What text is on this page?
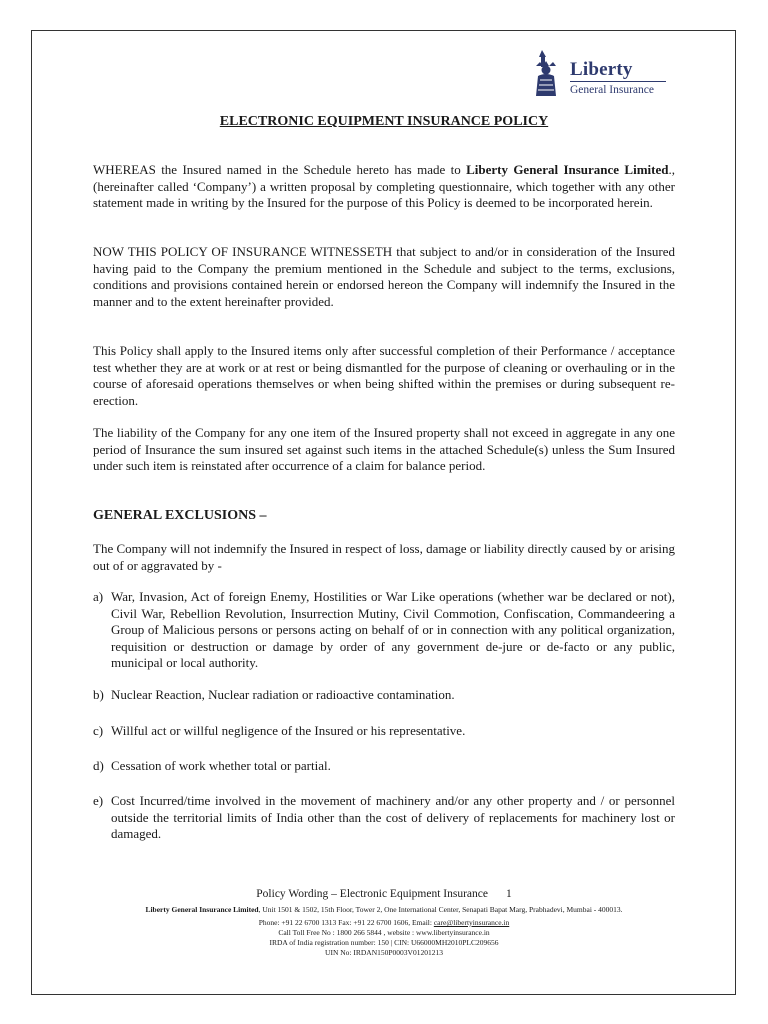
Liberty
General Insurance
ELECTRONIC EQUIPMENT INSURANCE POLICY

WHEREAS the Insured named in the Schedule hereto has made to Liberty General Insurance Limited., (hereinafter called ‘Company’) a written proposal by completing questionnaire, which together with any other statement made in writing by the Insured for the purpose of this Policy is deemed to be incorporated herein.

NOW THIS POLICY OF INSURANCE WITNESSETH that subject to and/or in consideration of the Insured having paid to the Company the premium mentioned in the Schedule and subject to the terms, exclusions, conditions and provisions contained herein or endorsed hereon the Company will indemnify the Insured in the manner and to the extent hereinafter provided.

This Policy shall apply to the Insured items only after successful completion of their Performance / acceptance test whether they are at work or at rest or being dismantled for the purpose of cleaning or overhauling or in the course of aforesaid operations themselves or when being shifted within the premises or during subsequent re-erection.

The liability of the Company for any one item of the Insured property shall not exceed in aggregate in any one period of Insurance the sum insured set against such items in the attached Schedule(s) unless the Sum Insured under such item is reinstated after occurrence of a claim for balance period.

GENERAL EXCLUSIONS –

The Company will not indemnify the Insured in respect of loss, damage or liability directly caused by or arising out of or aggravated by -

a) War, Invasion, Act of foreign Enemy, Hostilities or War Like operations (whether war be declared or not), Civil War, Rebellion Revolution, Insurrection Mutiny, Civil Commotion, Confiscation, Commandeering a Group of Malicious persons or persons acting on behalf of or in connection with any political organization, requisition or destruction or damage by order of any government de-jure or de-facto or any public, municipal or local authority.
b) Nuclear Reaction, Nuclear radiation or radioactive contamination.
c) Willful act or willful negligence of the Insured or his representative.
d) Cessation of work whether total or partial.
e) Cost Incurred/time involved in the movement of machinery and/or any other property and / or personnel outside the territorial limits of India other than the cost of delivery of replacements for machinery lost or damaged.
Policy Wording – Electronic Equipment Insurance 1
Liberty General Insurance Limited, Unit 1501 & 1502, 15th Floor, Tower 2, One International Center, Senapati Bapat Marg, Prabhadevi, Mumbai - 400013.
Phone: +91 22 6700 1313 Fax: +91 22 6700 1606, Email: care@libertyinsurance.in
Call Toll Free No : 1800 266 5844 , website : www.libertyinsurance.in
IRDA of India registration number: 150 | CIN: U66000MH2010PLC209656
UIN No: IRDAN150P0003V01201213
